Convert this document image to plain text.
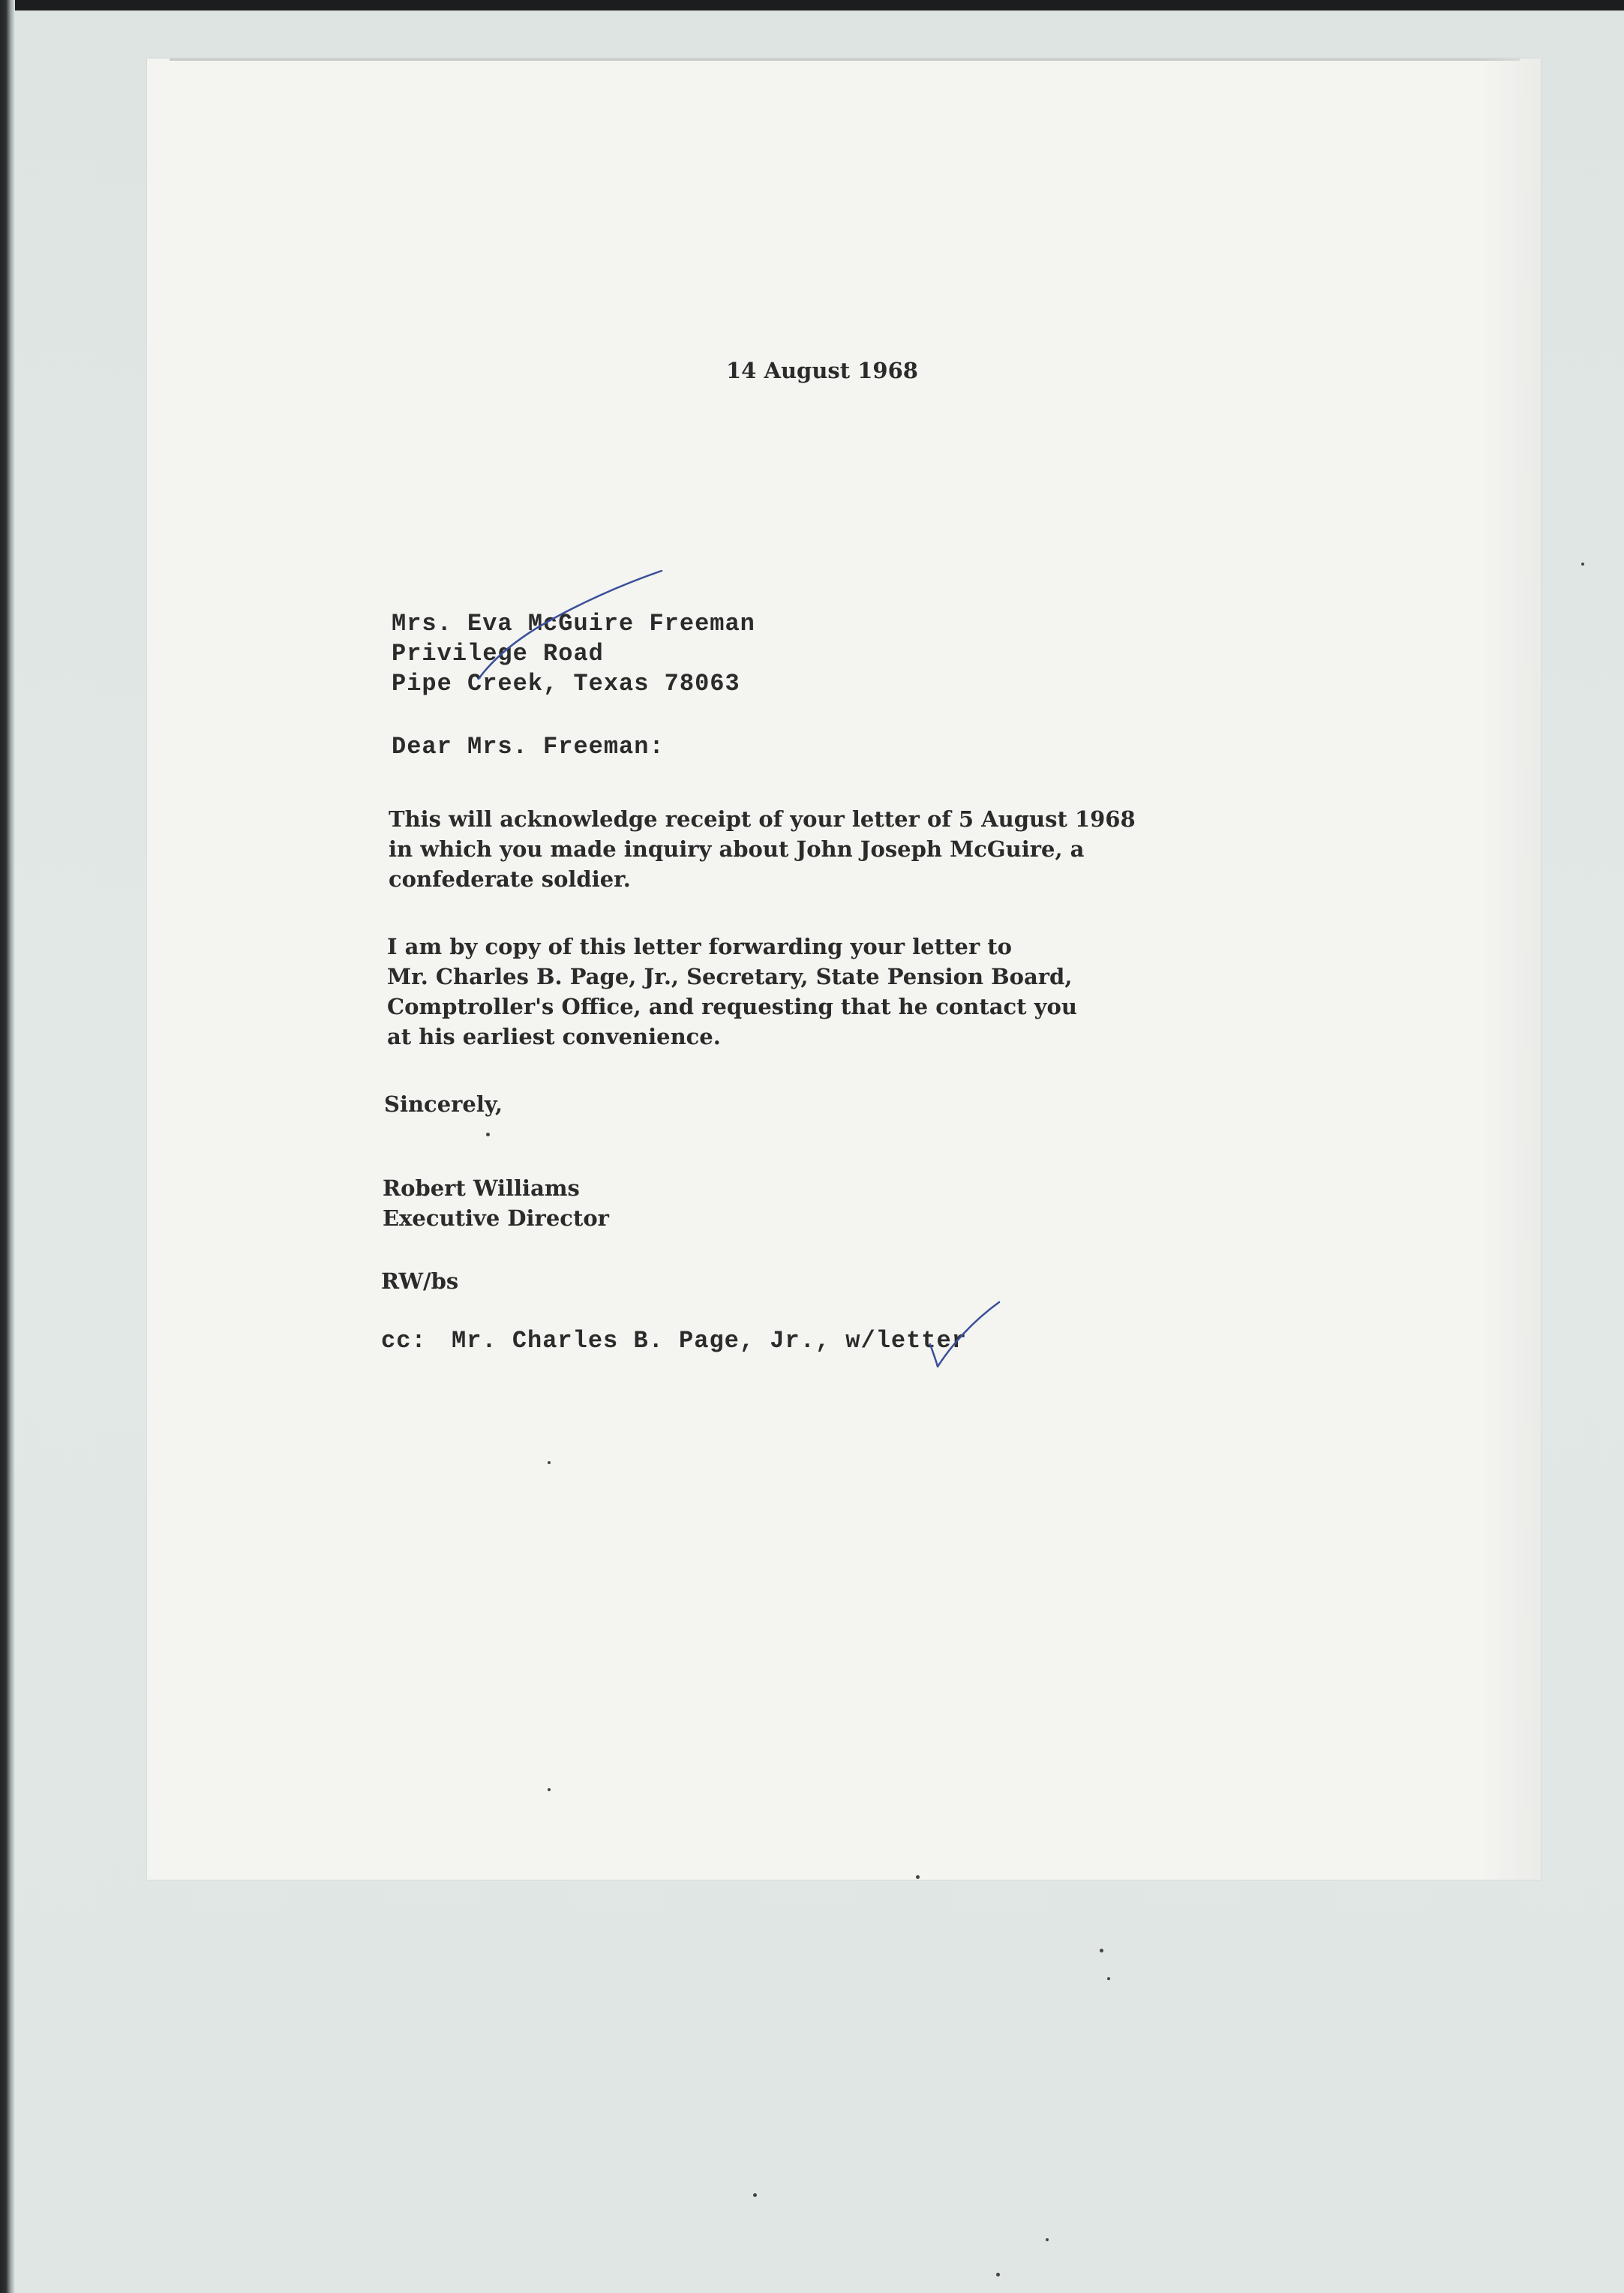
14 August 1968

Mrs. Eva McGuire Freeman

Privilege Road

Pipe Creek, Texas 78063

Dear Mrs. Freeman:

This will acknowledge receipt of your letter of 5 August 1968

in which you made inquiry about John Joseph McGuire, a

confederate soldier.

I am by copy of this letter forwarding your letter to

Mr. Charles B. Page, Jr., Secretary, State Pension Board,

Comptroller's Office, and requesting that he contact you

at his earliest convenience.

Sincerely,

Robert Williams

Executive Director

RW/bs

cc: Mr. Charles B. Page, Jr., w/letter
